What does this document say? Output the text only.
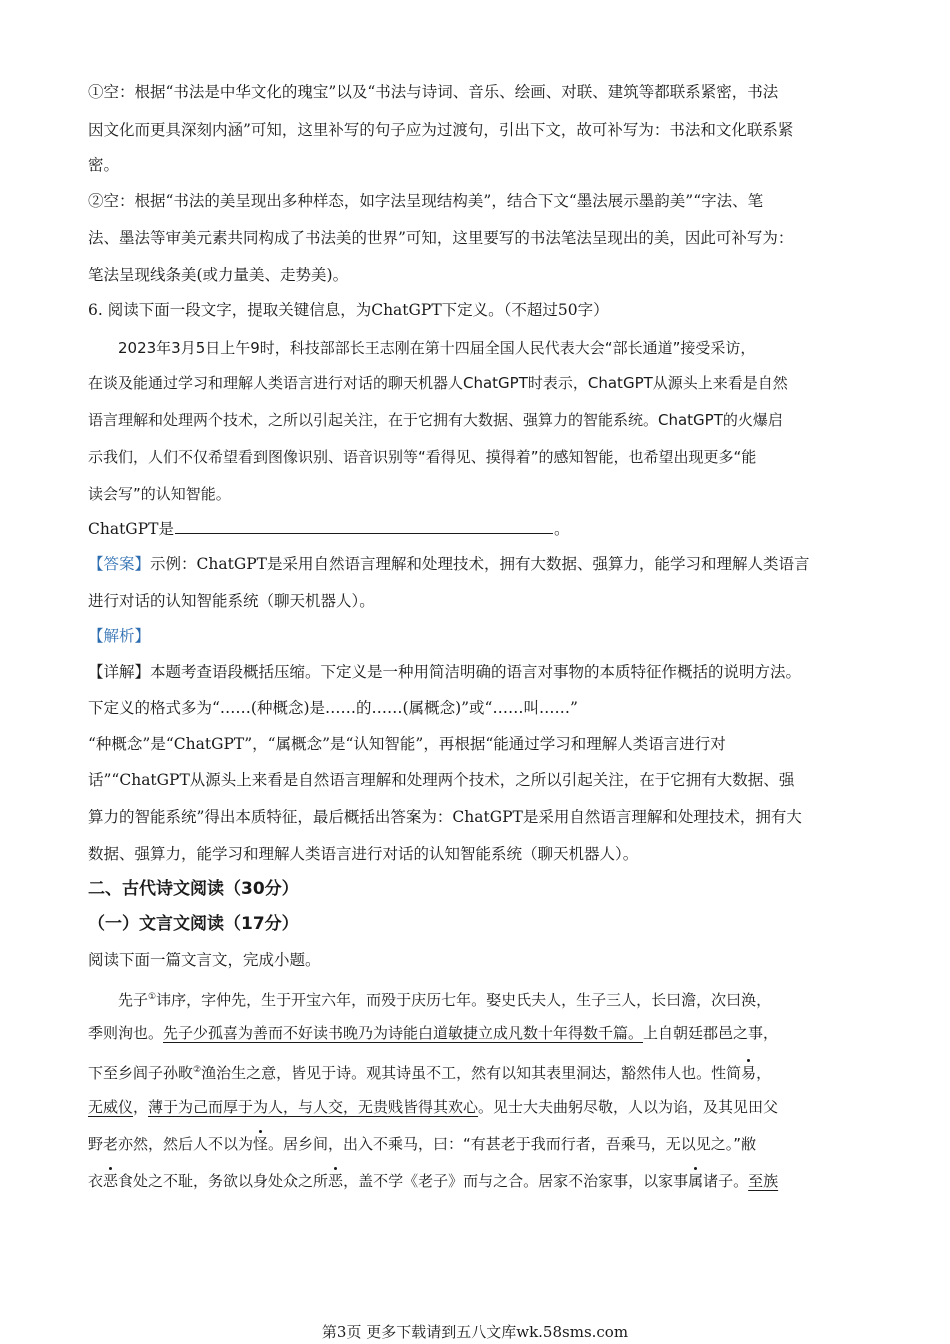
①空：根据“书法是中华文化的瑰宝”以及“书法与诗词、音乐、绘画、对联、建筑等都联系紧密，书法
因文化而更具深刻内涵”可知，这里补写的句子应为过渡句，引出下文，故可补写为：书法和文化联系紧
密。
②空：根据“书法的美呈现出多种样态，如字法呈现结构美”，结合下文“墨法展示墨韵美”“字法、笔
法、墨法等审美元素共同构成了书法美的世界”可知，这里要写的书法笔法呈现出的美，因此可补写为：
笔法呈现线条美(或力量美、走势美)。
6. 阅读下面一段文字，提取关键信息，为ChatGPT下定义。（不超过50字）
2023年3月5日上午9时，科技部部长王志刚在第十四届全国人民代表大会“部长通道”接受采访，
在谈及能通过学习和理解人类语言进行对话的聊天机器人ChatGPT时表示，ChatGPT从源头上来看是自然
语言理解和处理两个技术，之所以引起关注，在于它拥有大数据、强算力的智能系统。ChatGPT的火爆启
示我们，人们不仅希望看到图像识别、语音识别等“看得见、摸得着”的感知智能，也希望出现更多“能
读会写”的认知智能。
ChatGPT是	。
【答案】示例：ChatGPT是采用自然语言理解和处理技术，拥有大数据、强算力，能学习和理解人类语言
进行对话的认知智能系统（聊天机器人）。
【解析】
【详解】本题考查语段概括压缩。下定义是一种用简洁明确的语言对事物的本质特征作概括的说明方法。
下定义的格式多为“……(种概念)是……的……(属概念)”或“……叫……”
“种概念”是“ChatGPT”，“属概念”是“认知智能”，再根据“能通过学习和理解人类语言进行对
话”“ChatGPT从源头上来看是自然语言理解和处理两个技术，之所以引起关注，在于它拥有大数据、强
算力的智能系统”得出本质特征，最后概括出答案为：ChatGPT是采用自然语言理解和处理技术，拥有大
数据、强算力，能学习和理解人类语言进行对话的认知智能系统（聊天机器人）。
二、古代诗文阅读（30分）
（一）文言文阅读（17分）
阅读下面一篇文言文，完成小题。
先子①讳序，字仲先，生于开宝六年，而殁于庆历七年。娶史氏夫人，生子三人，长曰澹，次曰涣，
季则洵也。先子少孤喜为善而不好读书晚乃为诗能白道敏捷立成凡数十年得数千篇。上自朝廷郡邑之事，
下至乡闾子孙畋②渔治生之意，皆见于诗。观其诗虽不工，然有以知其表里洞达，豁然伟人也。性简易，
无威仪，薄于为己而厚于为人，与人交，无贵贱皆得其欢心。见士大夫曲躬尽敬，人以为谄，及其见田父
野老亦然，然后人不以为怪。居乡间，出入不乘马，曰：“有甚老于我而行者，吾乘马，无以见之。”敝
衣恶食处之不耻，务欲以身处众之所恶，盖不学《老子》而与之合。居家不治家事，以家事属诸子。至族
第3页 更多下载请到五八文库wk.58sms.com
